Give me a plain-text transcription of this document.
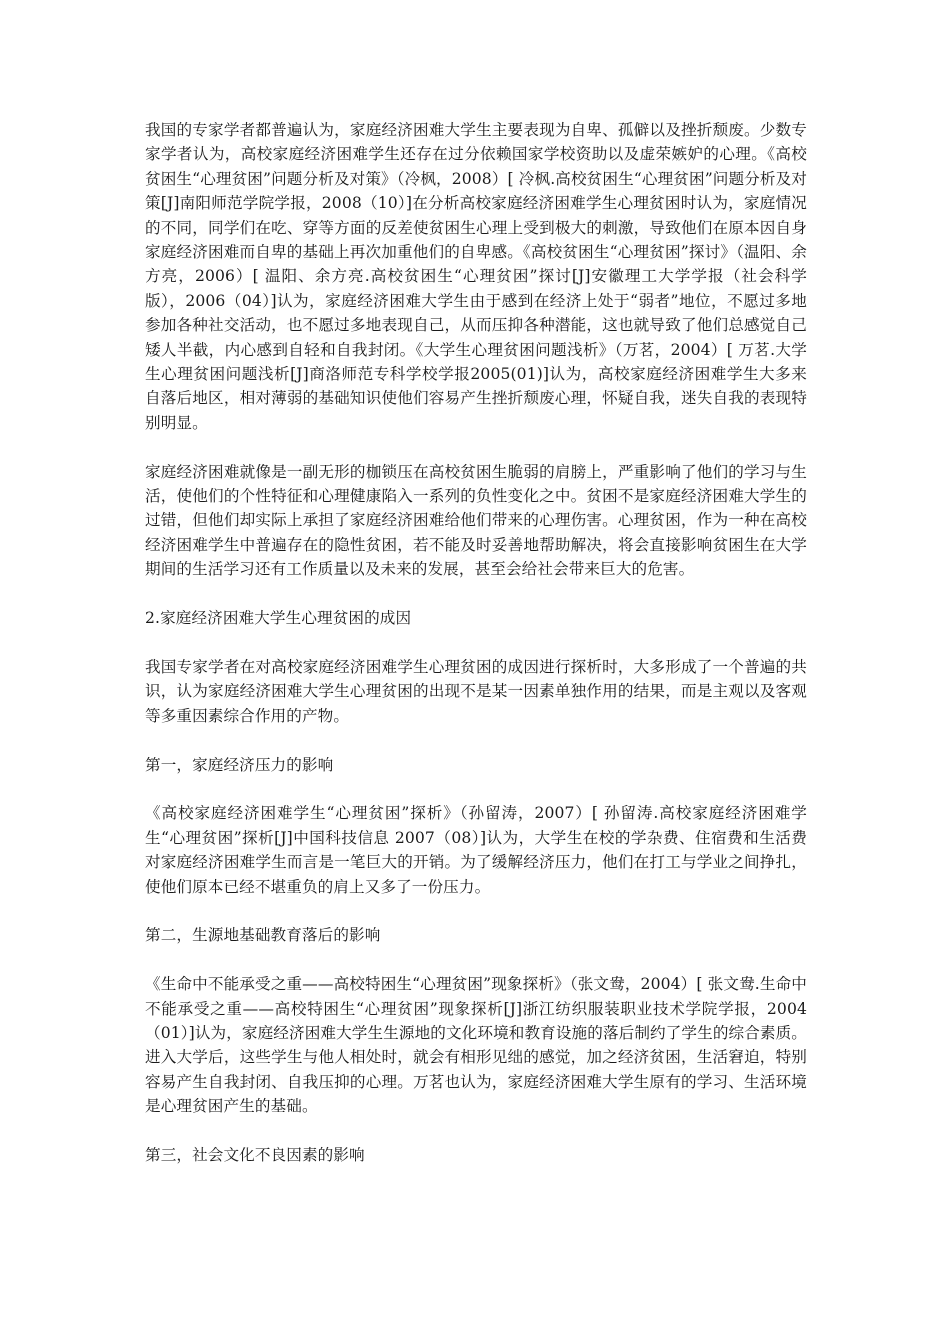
我国的专家学者都普遍认为，家庭经济困难大学生主要表现为自卑、孤僻以及挫折颓废。少数专家学者认为，高校家庭经济困难学生还存在过分依赖国家学校资助以及虚荣嫉妒的心理。《高校贫困生“心理贫困”问题分析及对策》（冷枫，2008）[ 冷枫.高校贫困生“心理贫困”问题分析及对策[J]南阳师范学院学报，2008（10）]在分析高校家庭经济困难学生心理贫困时认为，家庭情况的不同，同学们在吃、穿等方面的反差使贫困生心理上受到极大的刺激，导致他们在原本因自身家庭经济困难而自卑的基础上再次加重他们的自卑感。《高校贫困生“心理贫困”探讨》（温阳、余方亮，2006）[ 温阳、余方亮.高校贫困生“心理贫困”探讨[J]安徽理工大学学报（社会科学版），2006（04）]认为，家庭经济困难大学生由于感到在经济上处于“弱者”地位，不愿过多地参加各种社交活动，也不愿过多地表现自己，从而压抑各种潜能，这也就导致了他们总感觉自己矮人半截，内心感到自轻和自我封闭。《大学生心理贫困问题浅析》（万茗，2004）[ 万茗.大学生心理贫困问题浅析[J]商洛师范专科学校学报2005(01)]认为，高校家庭经济困难学生大多来自落后地区，相对薄弱的基础知识使他们容易产生挫折颓废心理，怀疑自我，迷失自我的表现特别明显。

家庭经济困难就像是一副无形的枷锁压在高校贫困生脆弱的肩膀上，严重影响了他们的学习与生活，使他们的个性特征和心理健康陷入一系列的负性变化之中。贫困不是家庭经济困难大学生的过错，但他们却实际上承担了家庭经济困难给他们带来的心理伤害。心理贫困，作为一种在高校经济困难学生中普遍存在的隐性贫困，若不能及时妥善地帮助解决，将会直接影响贫困生在大学期间的生活学习还有工作质量以及未来的发展，甚至会给社会带来巨大的危害。

2.家庭经济困难大学生心理贫困的成因

我国专家学者在对高校家庭经济困难学生心理贫困的成因进行探析时，大多形成了一个普遍的共识，认为家庭经济困难大学生心理贫困的出现不是某一因素单独作用的结果，而是主观以及客观等多重因素综合作用的产物。

第一，家庭经济压力的影响

《高校家庭经济困难学生“心理贫困”探析》（孙留涛，2007）[ 孙留涛.高校家庭经济困难学生“心理贫困”探析[J]中国科技信息 2007（08）]认为，大学生在校的学杂费、住宿费和生活费对家庭经济困难学生而言是一笔巨大的开销。为了缓解经济压力，他们在打工与学业之间挣扎，使他们原本已经不堪重负的肩上又多了一份压力。

第二，生源地基础教育落后的影响

《生命中不能承受之重——高校特困生“心理贫困”现象探析》（张文鸯，2004）[ 张文鸯.生命中不能承受之重——高校特困生“心理贫困”现象探析[J]浙江纺织服装职业技术学院学报，2004（01）]认为，家庭经济困难大学生生源地的文化环境和教育设施的落后制约了学生的综合素质。进入大学后，这些学生与他人相处时，就会有相形见绌的感觉，加之经济贫困，生活窘迫，特别容易产生自我封闭、自我压抑的心理。万茗也认为，家庭经济困难大学生原有的学习、生活环境是心理贫困产生的基础。

第三，社会文化不良因素的影响
